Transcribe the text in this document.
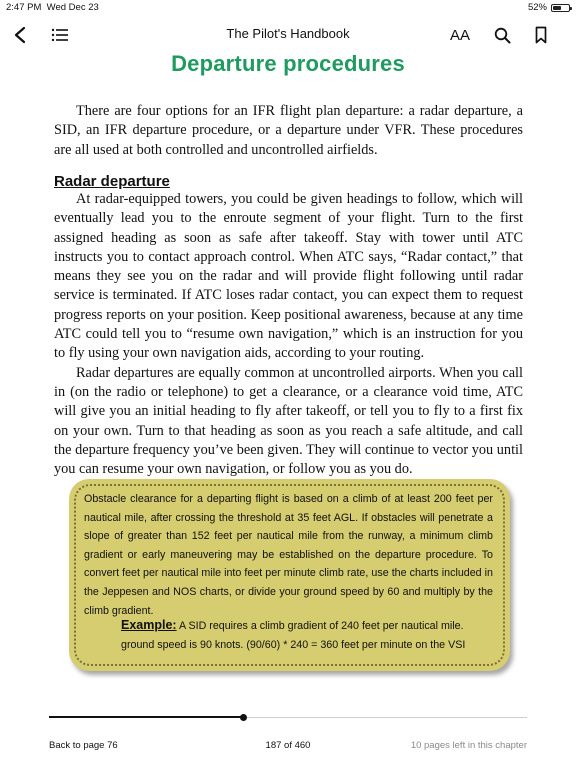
2:47 PM Wed Dec 23	52%
The Pilot's Handbook	AA
Departure procedures

There are four options for an IFR flight plan departure: a radar departure, a SID, an IFR departure procedure, or a departure under VFR. These procedures are all used at both controlled and uncontrolled airfields.

Radar departure

At radar-equipped towers, you could be given headings to follow, which will eventually lead you to the enroute segment of your flight. Turn to the first assigned heading as soon as safe after takeoff. Stay with tower until ATC instructs you to contact approach control. When ATC says, “Radar contact,” that means they see you on the radar and will provide flight following until radar service is terminated. If ATC loses radar contact, you can expect them to request progress reports on your position. Keep positional awareness, because at any time ATC could tell you to “resume own navigation,” which is an instruction for you to fly using your own navigation aids, according to your routing.

Radar departures are equally common at uncontrolled airports. When you call in (on the radio or telephone) to get a clearance, or a clearance void time, ATC will give you an initial heading to fly after takeoff, or tell you to fly to a first fix on your own. Turn to that heading as soon as you reach a safe altitude, and call the departure frequency you’ve been given. They will continue to vector you until you can resume your own navigation, or follow you as you do.

Obstacle clearance for a departing flight is based on a climb of at least 200 feet per nautical mile, after crossing the threshold at 35 feet AGL. If obstacles will penetrate a slope of greater than 152 feet per nautical mile from the runway, a minimum climb gradient or early maneuvering may be established on the departure procedure. To convert feet per nautical mile into feet per minute climb rate, use the charts included in the Jeppesen and NOS charts, or divide your ground speed by 60 and multiply by the climb gradient.
Example: A SID requires a climb gradient of 240 feet per nautical mile. ground speed is 90 knots. (90/60) * 240 = 360 feet per minute on the VSI
Back to page 76	187 of 460	10 pages left in this chapter
